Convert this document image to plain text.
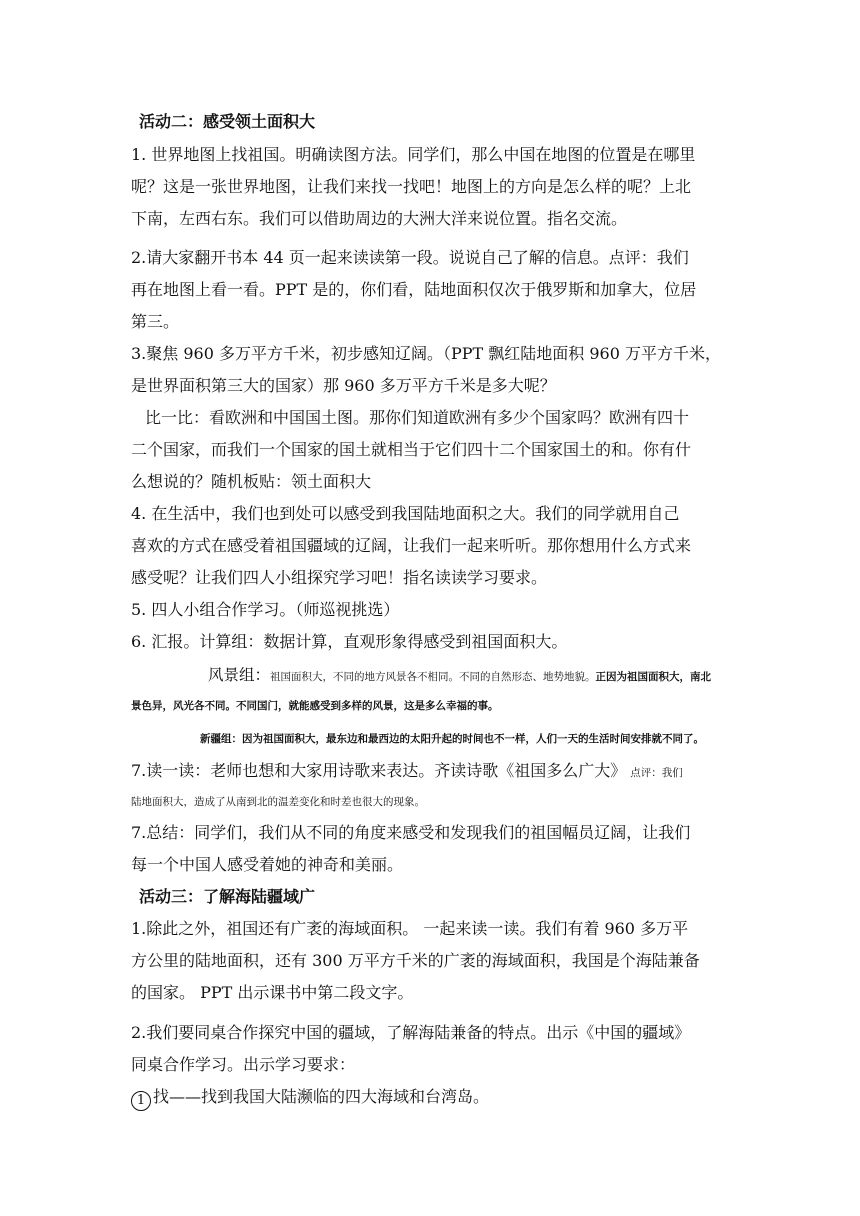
活动二：感受领土面积大
1. 世界地图上找祖国。明确读图方法。同学们，那么中国在地图的位置是在哪里
呢？这是一张世界地图，让我们来找一找吧！地图上的方向是怎么样的呢？上北
下南，左西右东。我们可以借助周边的大洲大洋来说位置。指名交流。
2.请大家翻开书本 44 页一起来读读第一段。说说自己了解的信息。点评：我们
再在地图上看一看。PPT 是的，你们看，陆地面积仅次于俄罗斯和加拿大，位居
第三。
3.聚焦 960 多万平方千米，初步感知辽阔。（PPT 飘红陆地面积 960 万平方千米，
是世界面积第三大的国家）那 960 多万平方千米是多大呢？
比一比：看欧洲和中国国土图。那你们知道欧洲有多少个国家吗？欧洲有四十
二个国家，而我们一个国家的国土就相当于它们四十二个国家国土的和。你有什
么想说的？随机板贴：领土面积大
4. 在生活中，我们也到处可以感受到我国陆地面积之大。我们的同学就用自己
喜欢的方式在感受着祖国疆域的辽阔，让我们一起来听听。那你想用什么方式来
感受呢？让我们四人小组探究学习吧！指名读读学习要求。
5. 四人小组合作学习。（师巡视挑选）
6. 汇报。计算组：数据计算，直观形象得感受到祖国面积大。
风景组：祖国面积大，不同的地方风景各不相同。不同的自然形态、地势地貌。正因为祖国面积大，南北
景色异，风光各不同。不同国门，就能感受到多样的风景，这是多么幸福的事。
新疆组：因为祖国面积大，最东边和最西边的太阳升起的时间也不一样，人们一天的生活时间安排就不同了。
7.读一读：老师也想和大家用诗歌来表达。齐读诗歌《祖国多么广大》 点评：我们
陆地面积大，造成了从南到北的温差变化和时差也很大的现象。
7.总结：同学们，我们从不同的角度来感受和发现我们的祖国幅员辽阔，让我们
每一个中国人感受着她的神奇和美丽。
活动三：了解海陆疆域广
1.除此之外，祖国还有广袤的海域面积。 一起来读一读。我们有着 960 多万平
方公里的陆地面积，还有 300 万平方千米的广袤的海域面积，我国是个海陆兼备
的国家。 PPT 出示课书中第二段文字。
2.我们要同桌合作探究中国的疆域，了解海陆兼备的特点。出示《中国的疆域》
同桌合作学习。出示学习要求：
1 找——找到我国大陆濒临的四大海域和台湾岛。
